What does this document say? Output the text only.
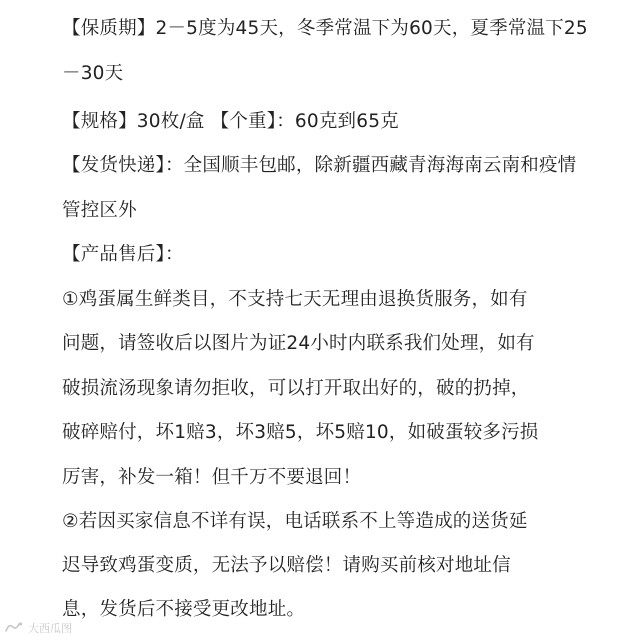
【保质期】2－5度为45天，冬季常温下为60天，夏季常温下25
－30天
【规格】30枚/盒 【个重】：60克到65克
【发货快递】：全国顺丰包邮，除新疆西藏青海海南云南和疫情
管控区外
【产品售后】：
①鸡蛋属生鲜类目，不支持七天无理由退换货服务，如有
问题，请签收后以图片为证24小时内联系我们处理，如有
破损流汤现象请勿拒收，可以打开取出好的，破的扔掉，
破碎赔付，坏1赔3，坏3赔5，坏5赔10，如破蛋较多污损
厉害，补发一箱！但千万不要退回！
②若因买家信息不详有误，电话联系不上等造成的送货延
迟导致鸡蛋变质，无法予以赔偿！请购买前核对地址信
息，发货后不接受更改地址。
大西瓜图
